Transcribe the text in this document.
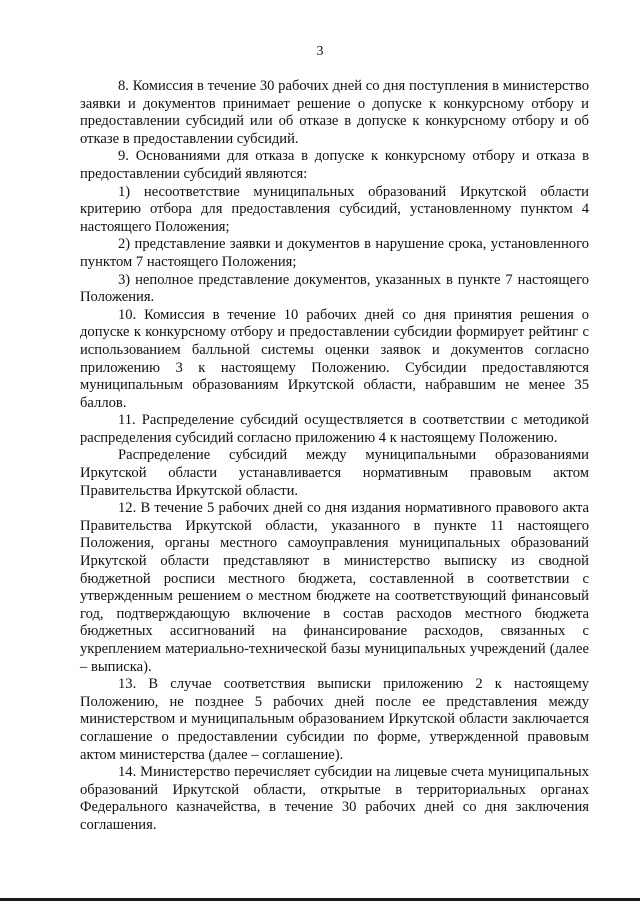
3

8. Комиссия в течение 30 рабочих дней со дня поступления в министерство заявки и документов принимает решение о допуске к конкурсному отбору и предоставлении субсидий или об отказе в допуске к конкурсному отбору и об отказе в предоставлении субсидий.

9. Основаниями для отказа в допуске к конкурсному отбору и отказа в предоставлении субсидий являются:

1) несоответствие муниципальных образований Иркутской области критерию отбора для предоставления субсидий, установленному пунктом 4 настоящего Положения;

2) представление заявки и документов в нарушение срока, установленного пунктом 7 настоящего Положения;

3) неполное представление документов, указанных в пункте 7 настоящего Положения.

10. Комиссия в течение 10 рабочих дней со дня принятия решения о допуске к конкурсному отбору и предоставлении субсидии формирует рейтинг с использованием балльной системы оценки заявок и документов согласно приложению 3 к настоящему Положению. Субсидии предоставляются муниципальным образованиям Иркутской области, набравшим не менее 35 баллов.

11. Распределение субсидий осуществляется в соответствии с методикой распределения субсидий согласно приложению 4 к настоящему Положению.

Распределение субсидий между муниципальными образованиями Иркутской области устанавливается нормативным правовым актом Правительства Иркутской области.

12. В течение 5 рабочих дней со дня издания нормативного правового акта Правительства Иркутской области, указанного в пункте 11 настоящего Положения, органы местного самоуправления муниципальных образований Иркутской области представляют в министерство выписку из сводной бюджетной росписи местного бюджета, составленной в соответствии с утвержденным решением о местном бюджете на соответствующий финансовый год, подтверждающую включение в состав расходов местного бюджета бюджетных ассигнований на финансирование расходов, связанных с укреплением материально-технической базы муниципальных учреждений (далее – выписка).

13. В случае соответствия выписки приложению 2 к настоящему Положению, не позднее 5 рабочих дней после ее представления между министерством и муниципальным образованием Иркутской области заключается соглашение о предоставлении субсидии по форме, утвержденной правовым актом министерства (далее – соглашение).

14. Министерство перечисляет субсидии на лицевые счета муниципальных образований Иркутской области, открытые в территориальных органах Федерального казначейства, в течение 30 рабочих дней со дня заключения соглашения.
